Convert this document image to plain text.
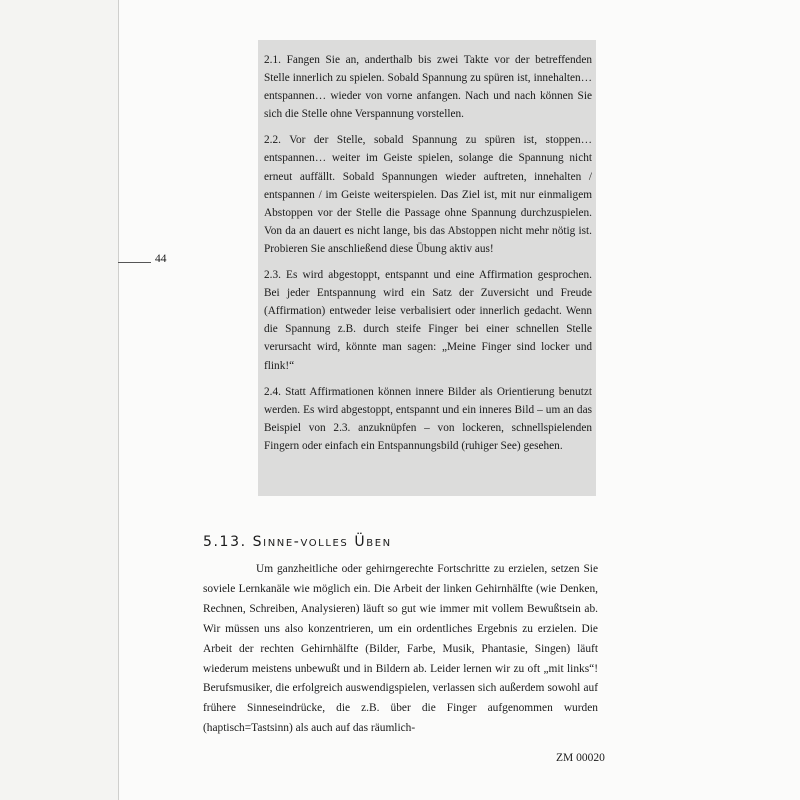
2.1. Fangen Sie an, anderthalb bis zwei Takte vor der betreffenden Stelle innerlich zu spielen. Sobald Spannung zu spüren ist, innehalten… entspannen… wieder von vorne anfangen. Nach und nach können Sie sich die Stelle ohne Verspannung vorstellen.

2.2. Vor der Stelle, sobald Spannung zu spüren ist, stoppen… entspannen… weiter im Geiste spielen, solange die Spannung nicht erneut auffällt. Sobald Spannungen wieder auftreten, innehalten / entspannen / im Geiste weiterspielen. Das Ziel ist, mit nur einmaligem Abstoppen vor der Stelle die Passage ohne Spannung durchzuspielen. Von da an dauert es nicht lange, bis das Abstoppen nicht mehr nötig ist. Probieren Sie anschließend diese Übung aktiv aus!

2.3. Es wird abgestoppt, entspannt und eine Affirmation gesprochen. Bei jeder Entspannung wird ein Satz der Zuversicht und Freude (Affirmation) entweder leise verbalisiert oder innerlich gedacht. Wenn die Spannung z.B. durch steife Finger bei einer schnellen Stelle verursacht wird, könnte man sagen: „Meine Finger sind locker und flink!“

2.4. Statt Affirmationen können innere Bilder als Orientierung benutzt werden. Es wird abgestoppt, entspannt und ein inneres Bild – um an das Beispiel von 2.3. anzuknüpfen – von lockeren, schnellspielenden Fingern oder einfach ein Entspannungsbild (ruhiger See) gesehen.

44
5.13. Sinne-volles Üben
Um ganzheitliche oder gehirngerechte Fortschritte zu erzielen, setzen Sie soviele Lernkanäle wie möglich ein. Die Arbeit der linken Gehirnhälfte (wie Denken, Rechnen, Schreiben, Analysieren) läuft so gut wie immer mit vollem Bewußtsein ab. Wir müssen uns also konzentrieren, um ein ordentliches Ergebnis zu erzielen. Die Arbeit der rechten Gehirnhälfte (Bilder, Farbe, Musik, Phantasie, Singen) läuft wiederum meistens unbewußt und in Bildern ab. Leider lernen wir zu oft „mit links“! Berufsmusiker, die erfolgreich auswendigspielen, verlassen sich außerdem sowohl auf frühere Sinneseindrücke, die z.B. über die Finger aufgenommen wurden (haptisch=Tastsinn) als auch auf das räumlich-
ZM 00020
